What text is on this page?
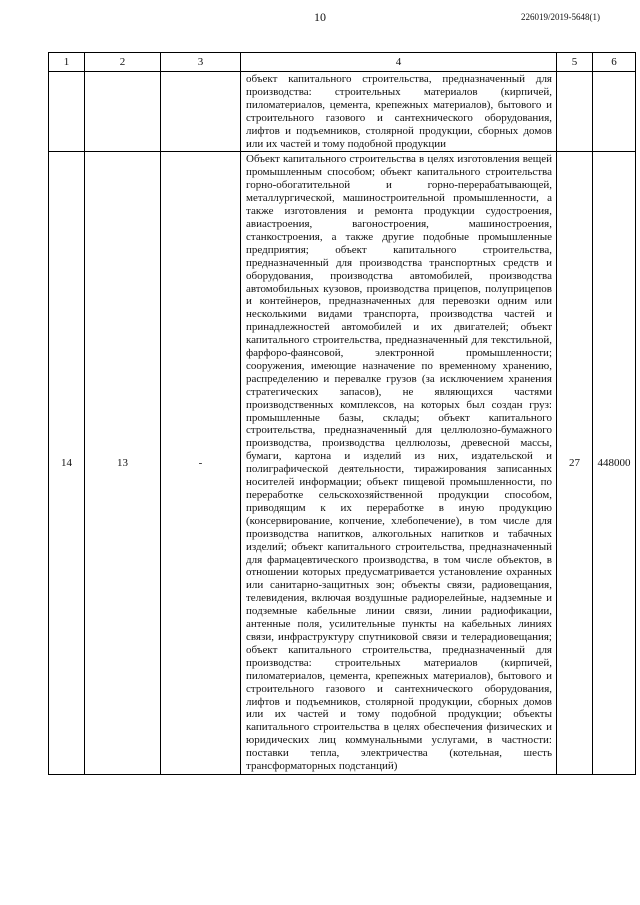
10	226019/2019-5648(1)
1	2	3	4	5	6
			объект капитального строительства, предназначенный для производства: строительных материалов (кирпичей, пиломатериалов, цемента, крепежных материалов), бытового и строительного газового и сантехнического оборудования, лифтов и подъемников, столярной продукции, сборных домов или их частей и тому подобной продукции		
14	13	-	Объект капитального строительства в целях изготовления вещей промышленным способом; объект капитального строительства горно-обогатительной и горно-перерабатывающей, металлургической, машиностроительной промышленности, а также изготовления и ремонта продукции судостроения, авиастроения, вагоностроения, машиностроения, станкостроения, а также другие подобные промышленные предприятия; объект капитального строительства, предназначенный для производства транспортных средств и оборудования, производства автомобилей, производства автомобильных кузовов, производства прицепов, полуприцепов и контейнеров, предназначенных для перевозки одним или несколькими видами транспорта, производства частей и принадлежностей автомобилей и их двигателей; объект капитального строительства, предназначенный для текстильной, фарфоро-фаянсовой, электронной промышленности; сооружения, имеющие назначение по временному хранению, распределению и перевалке грузов (за исключением хранения стратегических запасов), не являющихся частями производственных комплексов, на которых был создан груз: промышленные базы, склады; объект капитального строительства, предназначенный для целлюлозно-бумажного производства, производства целлюлозы, древесной массы, бумаги, картона и изделий из них, издательской и полиграфической деятельности, тиражирования записанных носителей информации; объект пищевой промышленности, по переработке сельскохозяйственной продукции способом, приводящим к их переработке в иную продукцию (консервирование, копчение, хлебопечение), в том числе для производства напитков, алкогольных напитков и табачных изделий; объект капитального строительства, предназначенный для фармацевтического производства, в том числе объектов, в отношении которых предусматривается установление охранных или санитарно-защитных зон; объекты связи, радиовещания, телевидения, включая воздушные радиорелейные, надземные и подземные кабельные линии связи, линии радиофикации, антенные поля, усилительные пункты на кабельных линиях связи, инфраструктуру спутниковой связи и телерадиовещания; объект капитального строительства, предназначенный для производства: строительных материалов (кирпичей, пиломатериалов, цемента, крепежных материалов), бытового и строительного газового и сантехнического оборудования, лифтов и подъемников, столярной продукции, сборных домов или их частей и тому подобной продукции; объекты капитального строительства в целях обеспечения физических и юридических лиц коммунальными услугами, в частности: поставки тепла, электричества (котельная, шесть трансформаторных подстанций)	27	448000
